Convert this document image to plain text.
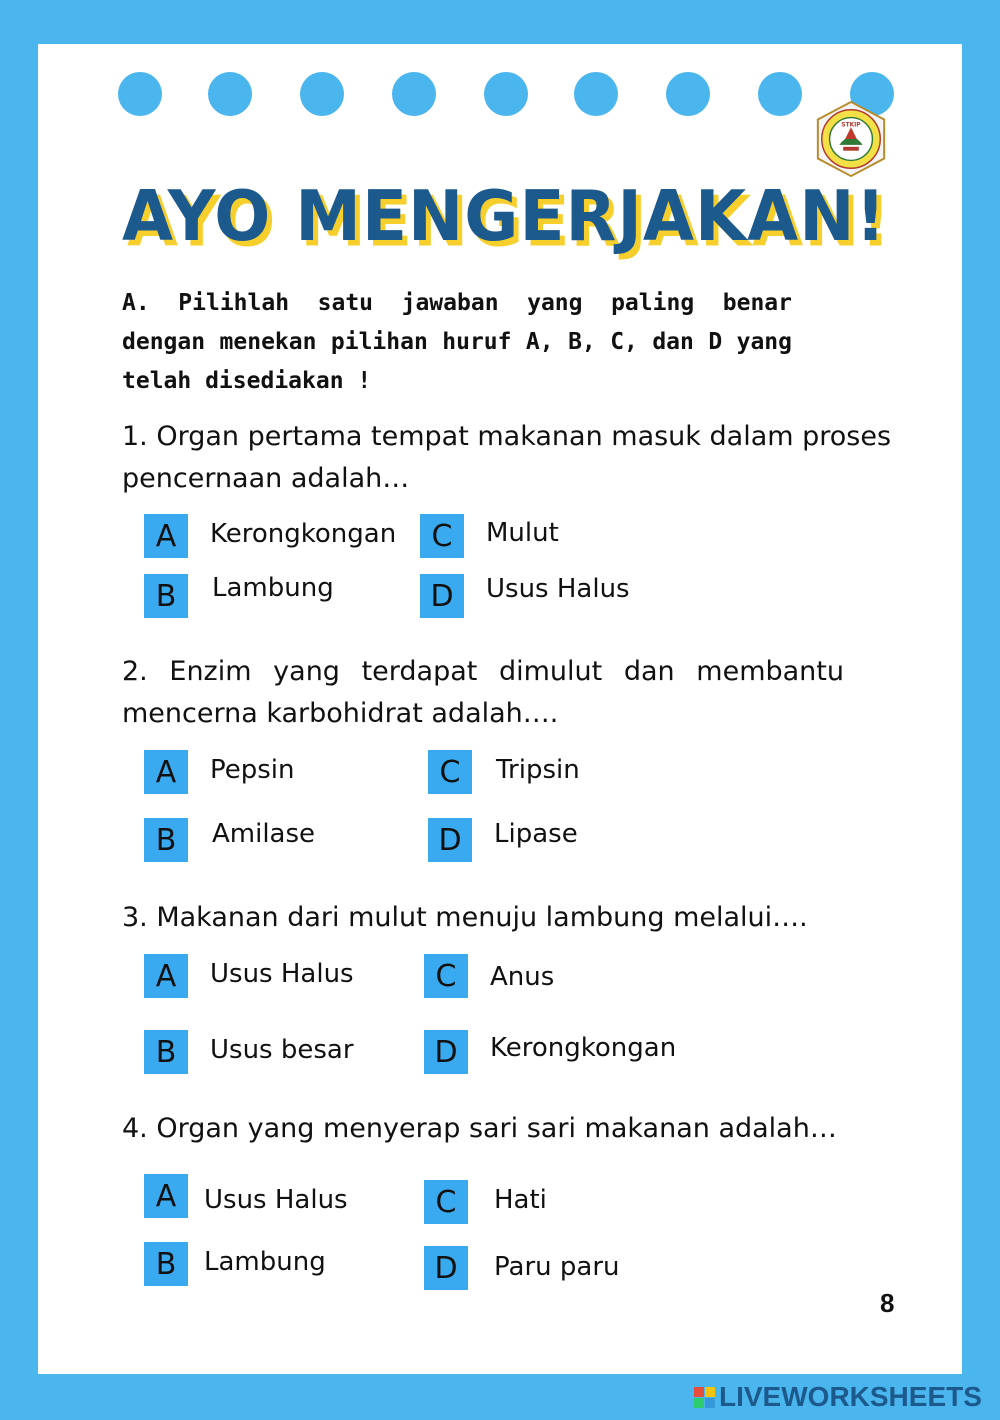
STKIP
AYO MENGERJAKAN!

A. Pilihlah satu jawaban yang paling benar dengan menekan pilihan huruf A, B, C, dan D yang telah disediakan !

1. Organ pertama tempat makanan masuk dalam proses pencernaan adalah…

A	Kerongkongan
B	Lambung
C	Mulut
D	Usus Halus

2. Enzim yang terdapat dimulut dan membantu mencerna karbohidrat adalah….

A	Pepsin
B	Amilase
C	Tripsin
D	Lipase

3. Makanan dari mulut menuju lambung melalui….

A	Usus Halus
B	Usus besar
C	Anus
D	Kerongkongan

4. Organ yang menyerap sari sari makanan adalah…

A	Usus Halus
B	Lambung
C	Hati
D	Paru paru
8
LIVEWORKSHEETS
